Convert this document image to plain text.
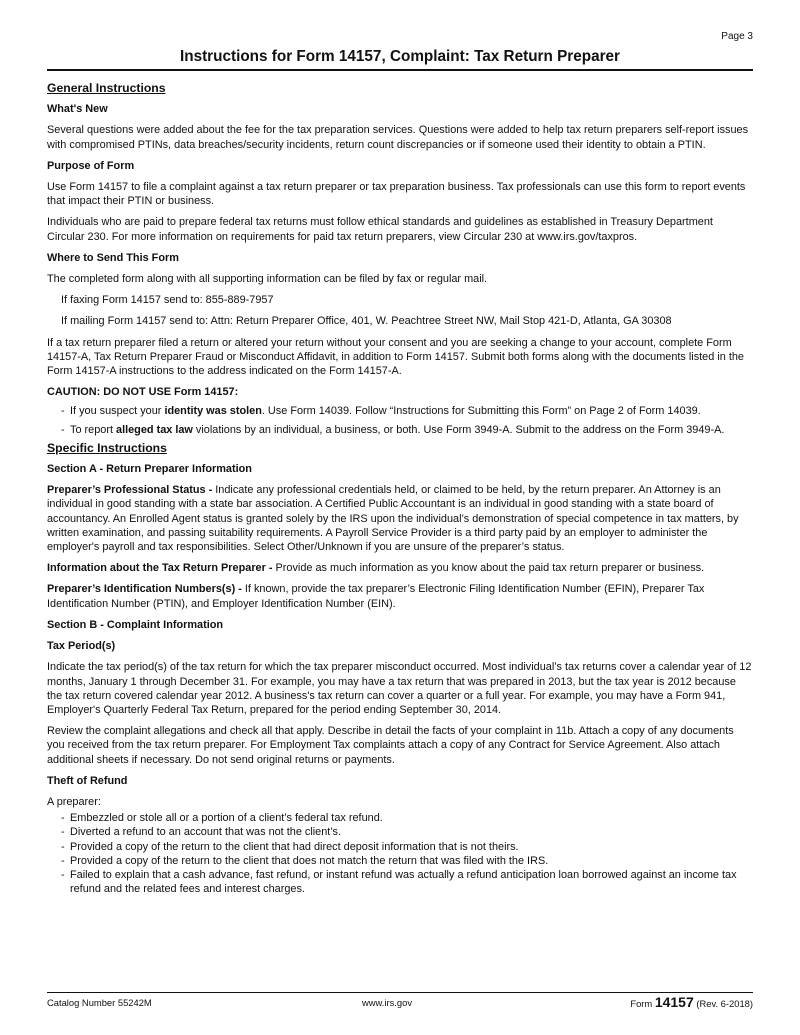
Page 3
Instructions for Form 14157, Complaint: Tax Return Preparer
General Instructions
What's New

Several questions were added about the fee for the tax preparation services. Questions were added to help tax return preparers self-report issues with compromised PTINs, data breaches/security incidents, return count discrepancies or if someone used their identity to obtain a PTIN.

Purpose of Form

Use Form 14157 to file a complaint against a tax return preparer or tax preparation business. Tax professionals can use this form to report events that impact their PTIN or business.

Individuals who are paid to prepare federal tax returns must follow ethical standards and guidelines as established in Treasury Department Circular 230. For more information on requirements for paid tax return preparers, view Circular 230 at www.irs.gov/taxpros.

Where to Send This Form

The completed form along with all supporting information can be filed by fax or regular mail.

If faxing Form 14157 send to: 855-889-7957

If mailing Form 14157 send to: Attn: Return Preparer Office, 401, W. Peachtree Street NW, Mail Stop 421-D, Atlanta, GA 30308

If a tax return preparer filed a return or altered your return without your consent and you are seeking a change to your account, complete Form 14157-A, Tax Return Preparer Fraud or Misconduct Affidavit, in addition to Form 14157. Submit both forms along with the documents listed in the Form 14157-A instructions to the address indicated on the Form 14157-A.

CAUTION: DO NOT USE Form 14157:
- If you suspect your identity was stolen. Use Form 14039. Follow “Instructions for Submitting this Form” on Page 2 of Form 14039.
- To report alleged tax law violations by an individual, a business, or both. Use Form 3949-A. Submit to the address on the Form 3949-A.
Specific Instructions
Section A - Return Preparer Information

Preparer’s Professional Status - Indicate any professional credentials held, or claimed to be held, by the return preparer. An Attorney is an individual in good standing with a state bar association. A Certified Public Accountant is an individual in good standing with a state board of accountancy. An Enrolled Agent status is granted solely by the IRS upon the individual’s demonstration of special competence in tax matters, by written examination, and passing suitability requirements. A Payroll Service Provider is a third party paid by an employer to administer the employer's payroll and tax responsibilities. Select Other/Unknown if you are unsure of the preparer’s status.

Information about the Tax Return Preparer - Provide as much information as you know about the paid tax return preparer or business.

Preparer’s Identification Numbers(s) - If known, provide the tax preparer’s Electronic Filing Identification Number (EFIN), Preparer Tax Identification Number (PTIN), and Employer Identification Number (EIN).

Section B - Complaint Information
Tax Period(s)

Indicate the tax period(s) of the tax return for which the tax preparer misconduct occurred. Most individual’s tax returns cover a calendar year of 12 months, January 1 through December 31. For example, you may have a tax return that was prepared in 2013, but the tax year is 2012 because the tax return covered calendar year 2012. A business's tax return can cover a quarter or a full year. For example, you may have a Form 941, Employer's Quarterly Federal Tax Return, prepared for the period ending September 30, 2014.

Review the complaint allegations and check all that apply. Describe in detail the facts of your complaint in 11b. Attach a copy of any documents you received from the tax return preparer. For Employment Tax complaints attach a copy of any Contract for Service Agreement. Also attach additional sheets if necessary. Do not send original returns or payments.

Theft of Refund

A preparer:

- Embezzled or stole all or a portion of a client’s federal tax refund.
- Diverted a refund to an account that was not the client’s.
- Provided a copy of the return to the client that had direct deposit information that is not theirs.
- Provided a copy of the return to the client that does not match the return that was filed with the IRS.
- Failed to explain that a cash advance, fast refund, or instant refund was actually a refund anticipation loan borrowed against an income tax refund and the related fees and interest charges.
Catalog Number 55242M	www.irs.gov	Form 14157 (Rev. 6-2018)
